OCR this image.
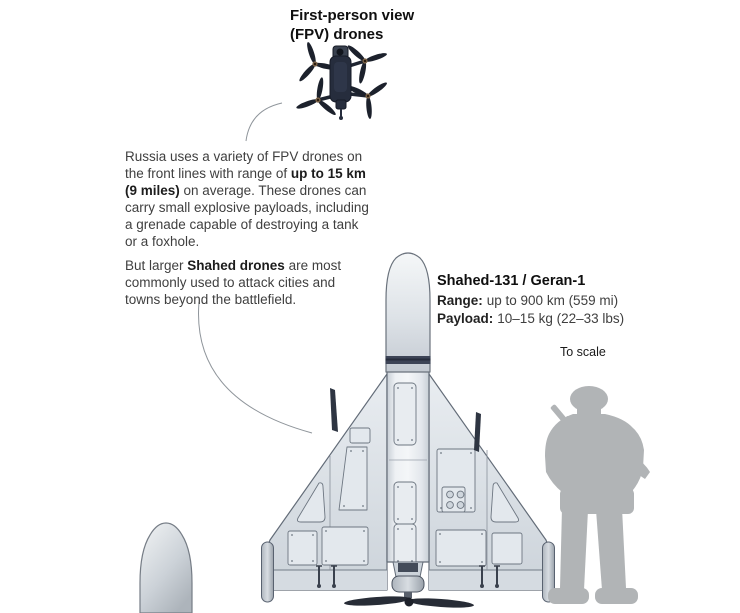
First-person view (FPV) drones
Russia uses a variety of FPV drones on the front lines with range of up to 15 km (9 miles) on average. These drones can carry small explosive payloads, including a grenade capable of destroying a tank or a foxhole.
But larger Shahed drones are most commonly used to attack cities and towns beyond the battlefield.
Shahed-131 / Geran-1
Range: up to 900 km (559 mi)
Payload: 10–15 kg (22–33 lbs)
To scale
